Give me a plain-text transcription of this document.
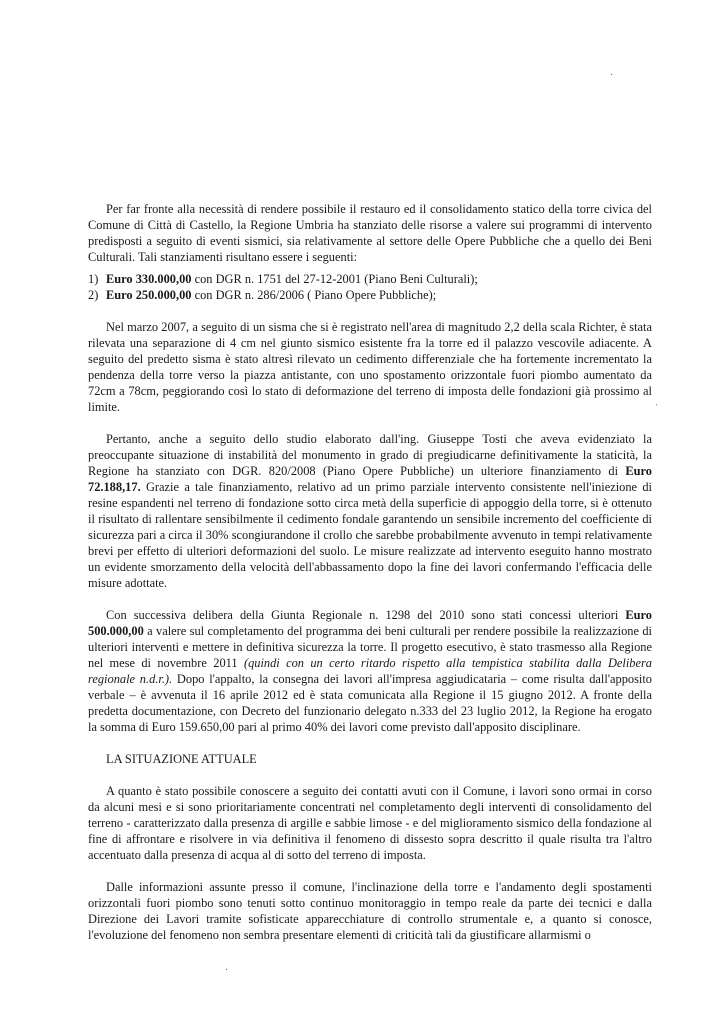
Per far fronte alla necessità di rendere possibile il restauro ed il consolidamento statico della torre civica del Comune di Città di Castello, la Regione Umbria ha stanziato delle risorse a valere sui programmi di intervento predisposti a seguito di eventi sismici, sia relativamente al settore delle Opere Pubbliche che a quello dei Beni Culturali. Tali stanziamenti risultano essere i seguenti:

1) Euro 330.000,00 con DGR n. 1751 del 27-12-2001 (Piano Beni Culturali);
2) Euro 250.000,00 con DGR n. 286/2006 ( Piano Opere Pubbliche);

Nel marzo 2007, a seguito di un sisma che si è registrato nell'area di magnitudo 2,2 della scala Richter, è stata rilevata una separazione di 4 cm nel giunto sismico esistente fra la torre ed il palazzo vescovile adiacente. A seguito del predetto sisma è stato altresì rilevato un cedimento differenziale che ha fortemente incrementato la pendenza della torre verso la piazza antistante, con uno spostamento orizzontale fuori piombo aumentato da 72cm a 78cm, peggiorando così lo stato di deformazione del terreno di imposta delle fondazioni già prossimo al limite.

Pertanto, anche a seguito dello studio elaborato dall'ing. Giuseppe Tosti che aveva evidenziato la preoccupante situazione di instabilità del monumento in grado di pregiudicarne definitivamente la staticità, la Regione ha stanziato con DGR. 820/2008 (Piano Opere Pubbliche) un ulteriore finanziamento di Euro 72.188,17. Grazie a tale finanziamento, relativo ad un primo parziale intervento consistente nell'iniezione di resine espandenti nel terreno di fondazione sotto circa metà della superficie di appoggio della torre, si è ottenuto il risultato di rallentare sensibilmente il cedimento fondale garantendo un sensibile incremento del coefficiente di sicurezza pari a circa il 30% scongiurandone il crollo che sarebbe probabilmente avvenuto in tempi relativamente brevi per effetto di ulteriori deformazioni del suolo. Le misure realizzate ad intervento eseguito hanno mostrato un evidente smorzamento della velocità dell'abbassamento dopo la fine dei lavori confermando l'efficacia delle misure adottate.

Con successiva delibera della Giunta Regionale n. 1298 del 2010 sono stati concessi ulteriori Euro 500.000,00 a valere sul completamento del programma dei beni culturali per rendere possibile la realizzazione di ulteriori interventi e mettere in definitiva sicurezza la torre. Il progetto esecutivo, è stato trasmesso alla Regione nel mese di novembre 2011 (quindi con un certo ritardo rispetto alla tempistica stabilita dalla Delibera regionale n.d.r.). Dopo l'appalto, la consegna dei lavori all'impresa aggiudicataria – come risulta dall'apposito verbale – è avvenuta il 16 aprile 2012 ed è stata comunicata alla Regione il 15 giugno 2012. A fronte della predetta documentazione, con Decreto del funzionario delegato n.333 del 23 luglio 2012, la Regione ha erogato la somma di Euro 159.650,00 pari al primo 40% dei lavori come previsto dall'apposito disciplinare.

LA SITUAZIONE ATTUALE

A quanto è stato possibile conoscere a seguito dei contatti avuti con il Comune, i lavori sono ormai in corso da alcuni mesi e si sono prioritariamente concentrati nel completamento degli interventi di consolidamento del terreno - caratterizzato dalla presenza di argille e sabbie limose - e del miglioramento sismico della fondazione al fine di affrontare e risolvere in via definitiva il fenomeno di dissesto sopra descritto il quale risulta tra l'altro accentuato dalla presenza di acqua al di sotto del terreno di imposta.

Dalle informazioni assunte presso il comune, l'inclinazione della torre e l'andamento degli spostamenti orizzontali fuori piombo sono tenuti sotto continuo monitoraggio in tempo reale da parte dei tecnici e dalla Direzione dei Lavori tramite sofisticate apparecchiature di controllo strumentale e, a quanto si conosce, l'evoluzione del fenomeno non sembra presentare elementi di criticità tali da giustificare allarmismi o

·
ˌ
·
